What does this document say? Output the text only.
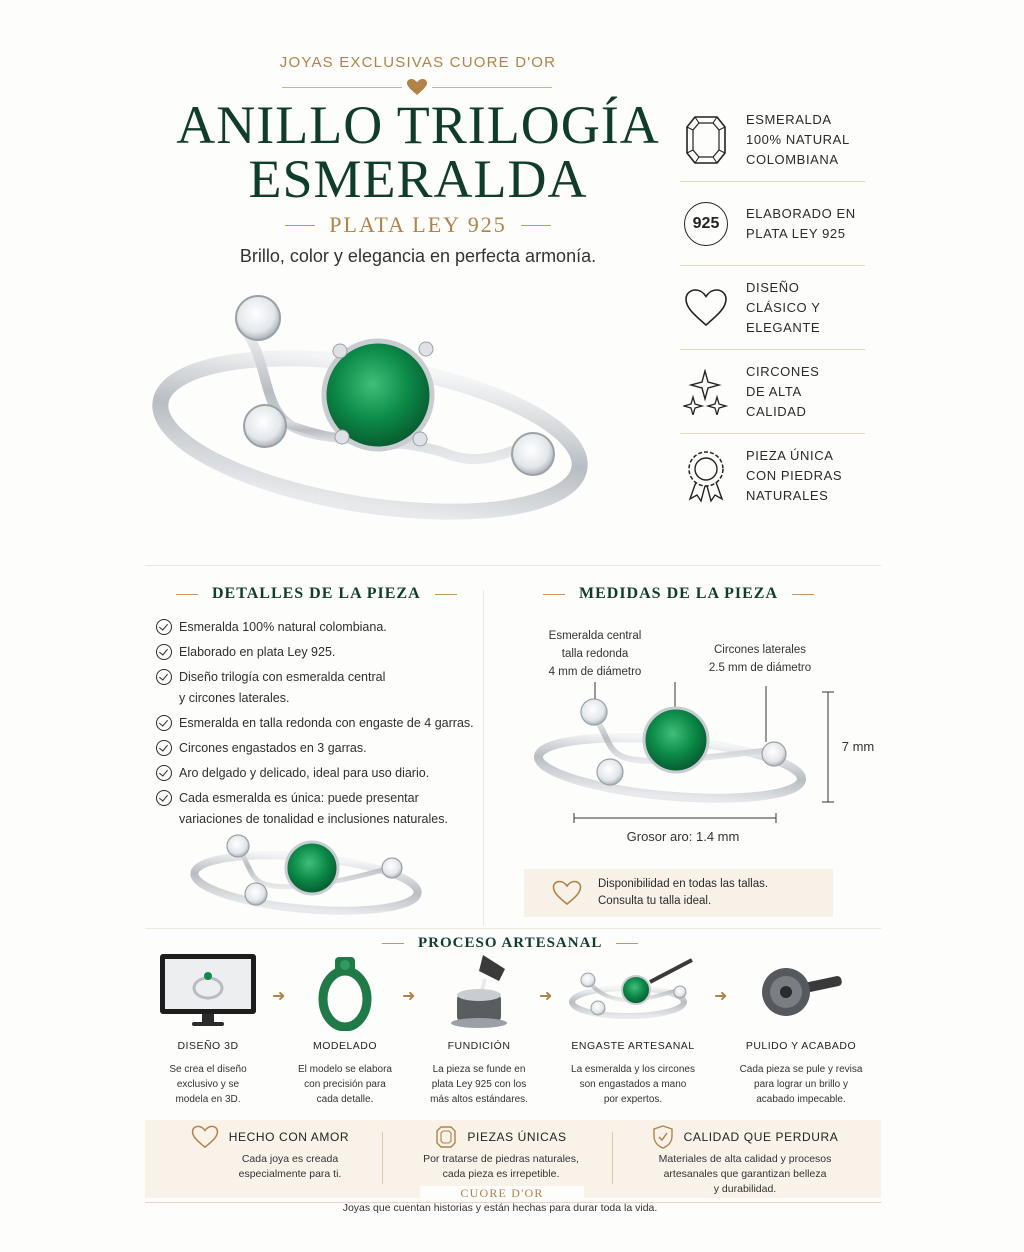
JOYAS EXCLUSIVAS CUORE D'OR
ANILLO TRILOGÍA
ESMERALDA
PLATA LEY 925
Brillo, color y elegancia en perfecta armonía.
ESMERALDA
100% NATURAL
COLOMBIANA
925
ELABORADO EN
PLATA LEY 925
DISEÑO
CLÁSICO Y
ELEGANTE
CIRCONES
DE ALTA CALIDAD
PIEZA ÚNICA
CON PIEDRAS
NATURALES
DETALLES DE LA PIEZA
Esmeralda 100% natural colombiana.
Elaborado en plata Ley 925.
Diseño trilogía con esmeralda central
y circones laterales.
Esmeralda en talla redonda con engaste de 4 garras.
Circones engastados en 3 garras.
Aro delgado y delicado, ideal para uso diario.
Cada esmeralda es única: puede presentar
variaciones de tonalidad e inclusiones naturales.
MEDIDAS DE LA PIEZA
Esmeralda central
talla redonda
4 mm de diámetro
Circones laterales
2.5 mm de diámetro
7 mm
Grosor aro: 1.4 mm
Disponibilidad en todas las tallas.
Consulta tu talla ideal.
PROCESO ARTESANAL
DISEÑO 3D
Se crea el diseño
exclusivo y se
modela en 3D.
➜
MODELADO
El modelo se elabora
con precisión para
cada detalle.
➜
FUNDICIÓN
La pieza se funde en
plata Ley 925 con los
más altos estándares.
➜
ENGASTE ARTESANAL
La esmeralda y los circones
son engastados a mano
por expertos.
➜
PULIDO Y ACABADO
Cada pieza se pule y revisa
para lograr un brillo y
acabado impecable.
HECHO CON AMOR
Cada joya es creada
especialmente para ti.
PIEZAS ÚNICAS
Por tratarse de piedras naturales,
cada pieza es irrepetible.
CALIDAD QUE PERDURA
Materiales de alta calidad y procesos
artesanales que garantizan belleza
y durabilidad.
CUORE D'OR
Joyas que cuentan historias y están hechas para durar toda la vida.
